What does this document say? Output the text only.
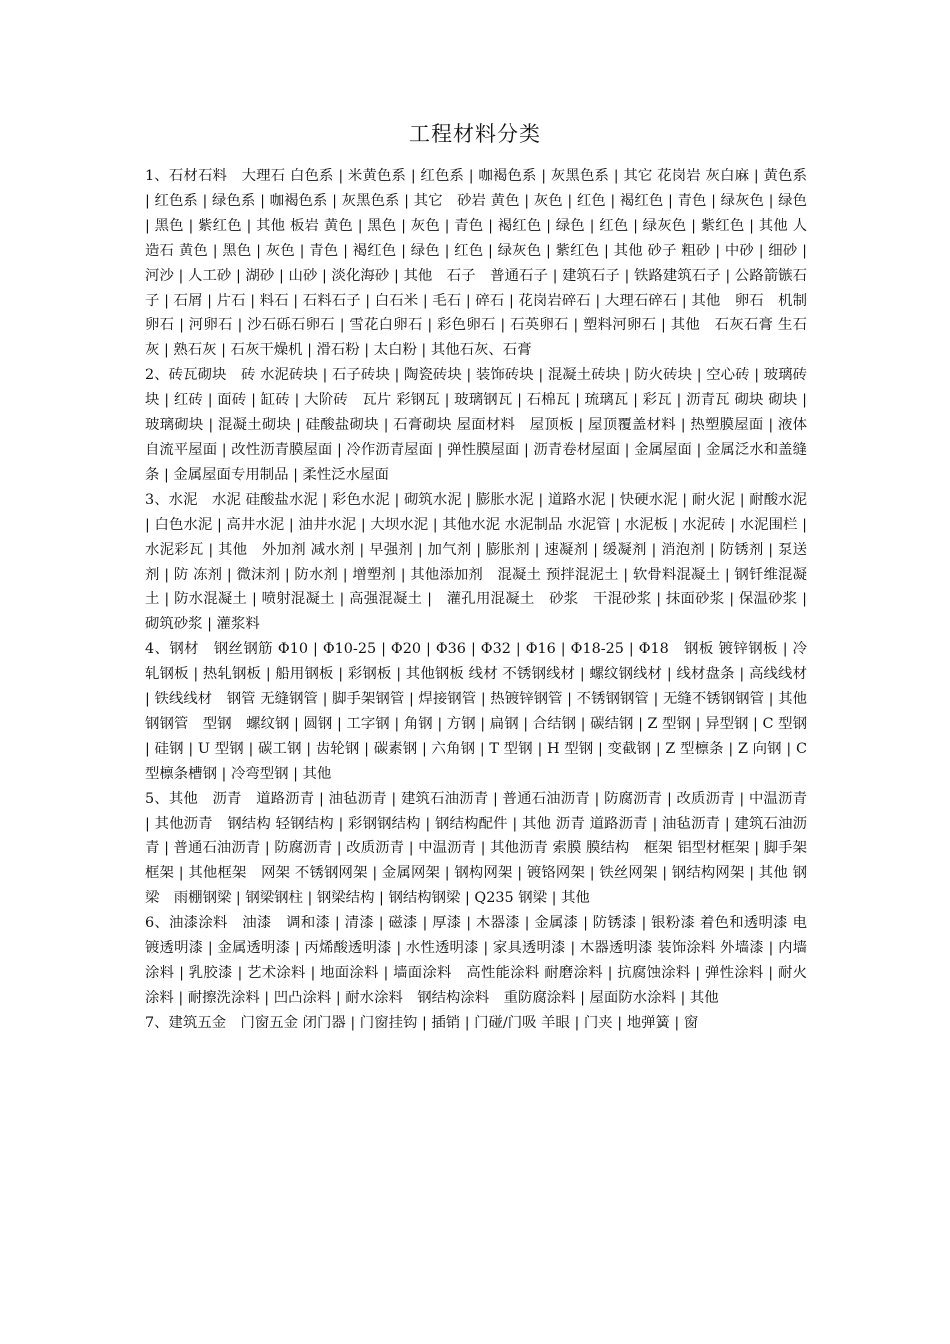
工程材料分类

1、石材石料　大理石 白色系 | 米黄色系 | 红色系 | 咖褐色系 | 灰黑色系 | 其它 花岗岩 灰白麻 | 黄色系 | 红色系 | 绿色系 | 咖褐色系 | 灰黑色系 | 其它　砂岩 黄色 | 灰色 | 红色 | 褐红色 | 青色 | 绿灰色 | 绿色 | 黑色 | 紫红色 | 其他 板岩 黄色 | 黑色 | 灰色 | 青色 | 褐红色 | 绿色 | 红色 | 绿灰色 | 紫红色 | 其他 人造石 黄色 | 黑色 | 灰色 | 青色 | 褐红色 | 绿色 | 红色 | 绿灰色 | 紫红色 | 其他 砂子 粗砂 | 中砂 | 细砂 | 河沙 | 人工砂 | 湖砂 | 山砂 | 淡化海砂 | 其他　石子　普通石子 | 建筑石子 | 铁路建筑石子 | 公路箭镞石子 | 石屑 | 片石 | 料石 | 石料石子 | 白石米 | 毛石 | 碎石 | 花岗岩碎石 | 大理石碎石 | 其他　卵石　机制卵石 | 河卵石 | 沙石砾石卵石 | 雪花白卵石 | 彩色卵石 | 石英卵石 | 塑料河卵石 | 其他　石灰石膏 生石灰 | 熟石灰 | 石灰干燥机 | 滑石粉 | 太白粉 | 其他石灰、石膏

2、砖瓦砌块　砖 水泥砖块 | 石子砖块 | 陶瓷砖块 | 装饰砖块 | 混凝土砖块 | 防火砖块 | 空心砖 | 玻璃砖块 | 红砖 | 面砖 | 缸砖 | 大阶砖　瓦片 彩钢瓦 | 玻璃钢瓦 | 石棉瓦 | 琉璃瓦 | 彩瓦 | 沥青瓦 砌块 砌块 | 玻璃砌块 | 混凝土砌块 | 硅酸盐砌块 | 石膏砌块 屋面材料　屋顶板 | 屋顶覆盖材料 | 热塑膜屋面 | 液体自流平屋面 | 改性沥青膜屋面 | 冷作沥青屋面 | 弹性膜屋面 | 沥青卷材屋面 | 金属屋面 | 金属泛水和盖缝条 | 金属屋面专用制品 | 柔性泛水屋面

3、水泥　水泥 硅酸盐水泥 | 彩色水泥 | 砌筑水泥 | 膨胀水泥 | 道路水泥 | 快硬水泥 | 耐火泥 | 耐酸水泥 | 白色水泥 | 高井水泥 | 油井水泥 | 大坝水泥 | 其他水泥 水泥制品 水泥管 | 水泥板 | 水泥砖 | 水泥围栏 | 水泥彩瓦 | 其他　外加剂 减水剂 | 早强剂 | 加气剂 | 膨胀剂 | 速凝剂 | 缓凝剂 | 消泡剂 | 防锈剂 | 泵送剂 | 防 冻剂 | 微沫剂 | 防水剂 | 增塑剂 | 其他添加剂　混凝土 预拌混泥土 | 软骨料混凝土 | 钢钎维混凝土 | 防水混凝土 | 喷射混凝土 | 高强混凝土 |　灌孔用混凝土　砂浆　干混砂浆 | 抹面砂浆 | 保温砂浆 | 砌筑砂浆 | 灌浆料

4、钢材　钢丝钢筋 Φ10 | Φ10-25 | Φ20 | Φ36 | Φ32 | Φ16 | Φ18-25 | Φ18　钢板 镀锌钢板 | 冷轧钢板 | 热轧钢板 | 船用钢板 | 彩钢板 | 其他钢板 线材 不锈钢线材 | 螺纹钢线材 | 线材盘条 | 高线线材 | 铁线线材　钢管 无缝钢管 | 脚手架钢管 | 焊接钢管 | 热镀锌钢管 | 不锈钢钢管 | 无缝不锈钢钢管 | 其他钢钢管　型钢　螺纹钢 | 圆钢 | 工字钢 | 角钢 | 方钢 | 扁钢 | 合结钢 | 碳结钢 | Z 型钢 | 异型钢 | C 型钢 | 硅钢 | U 型钢 | 碳工钢 | 齿轮钢 | 碳素钢 | 六角钢 | T 型钢 | H 型钢 | 变截钢 | Z 型檩条 | Z 向钢 | C 型檩条槽钢 | 冷弯型钢 | 其他

5、其他　沥青　道路沥青 | 油毡沥青 | 建筑石油沥青 | 普通石油沥青 | 防腐沥青 | 改质沥青 | 中温沥青 | 其他沥青　钢结构 轻钢结构 | 彩钢钢结构 | 钢结构配件 | 其他 沥青 道路沥青 | 油毡沥青 | 建筑石油沥青 | 普通石油沥青 | 防腐沥青 | 改质沥青 | 中温沥青 | 其他沥青 索膜 膜结构　框架 铝型材框架 | 脚手架框架 | 其他框架　网架 不锈钢网架 | 金属网架 | 钢构网架 | 镀铬网架 | 铁丝网架 | 钢结构网架 | 其他 钢梁　雨棚钢梁 | 钢梁钢柱 | 钢梁结构 | 钢结构钢梁 | Q235 钢梁 | 其他

6、油漆涂料　油漆　调和漆 | 清漆 | 磁漆 | 厚漆 | 木器漆 | 金属漆 | 防锈漆 | 银粉漆 着色和透明漆 电镀透明漆 | 金属透明漆 | 丙烯酸透明漆 | 水性透明漆 | 家具透明漆 | 木器透明漆 装饰涂料 外墙漆 | 内墙涂料 | 乳胶漆 | 艺术涂料 | 地面涂料 | 墙面涂料　高性能涂料 耐磨涂料 | 抗腐蚀涂料 | 弹性涂料 | 耐火涂料 | 耐擦洗涂料 | 凹凸涂料 | 耐水涂料　钢结构涂料　重防腐涂料 | 屋面防水涂料 | 其他

7、建筑五金　门窗五金 闭门器 | 门窗挂钩 | 插销 | 门碰/门吸 羊眼 | 门夹 | 地弹簧 | 窗
